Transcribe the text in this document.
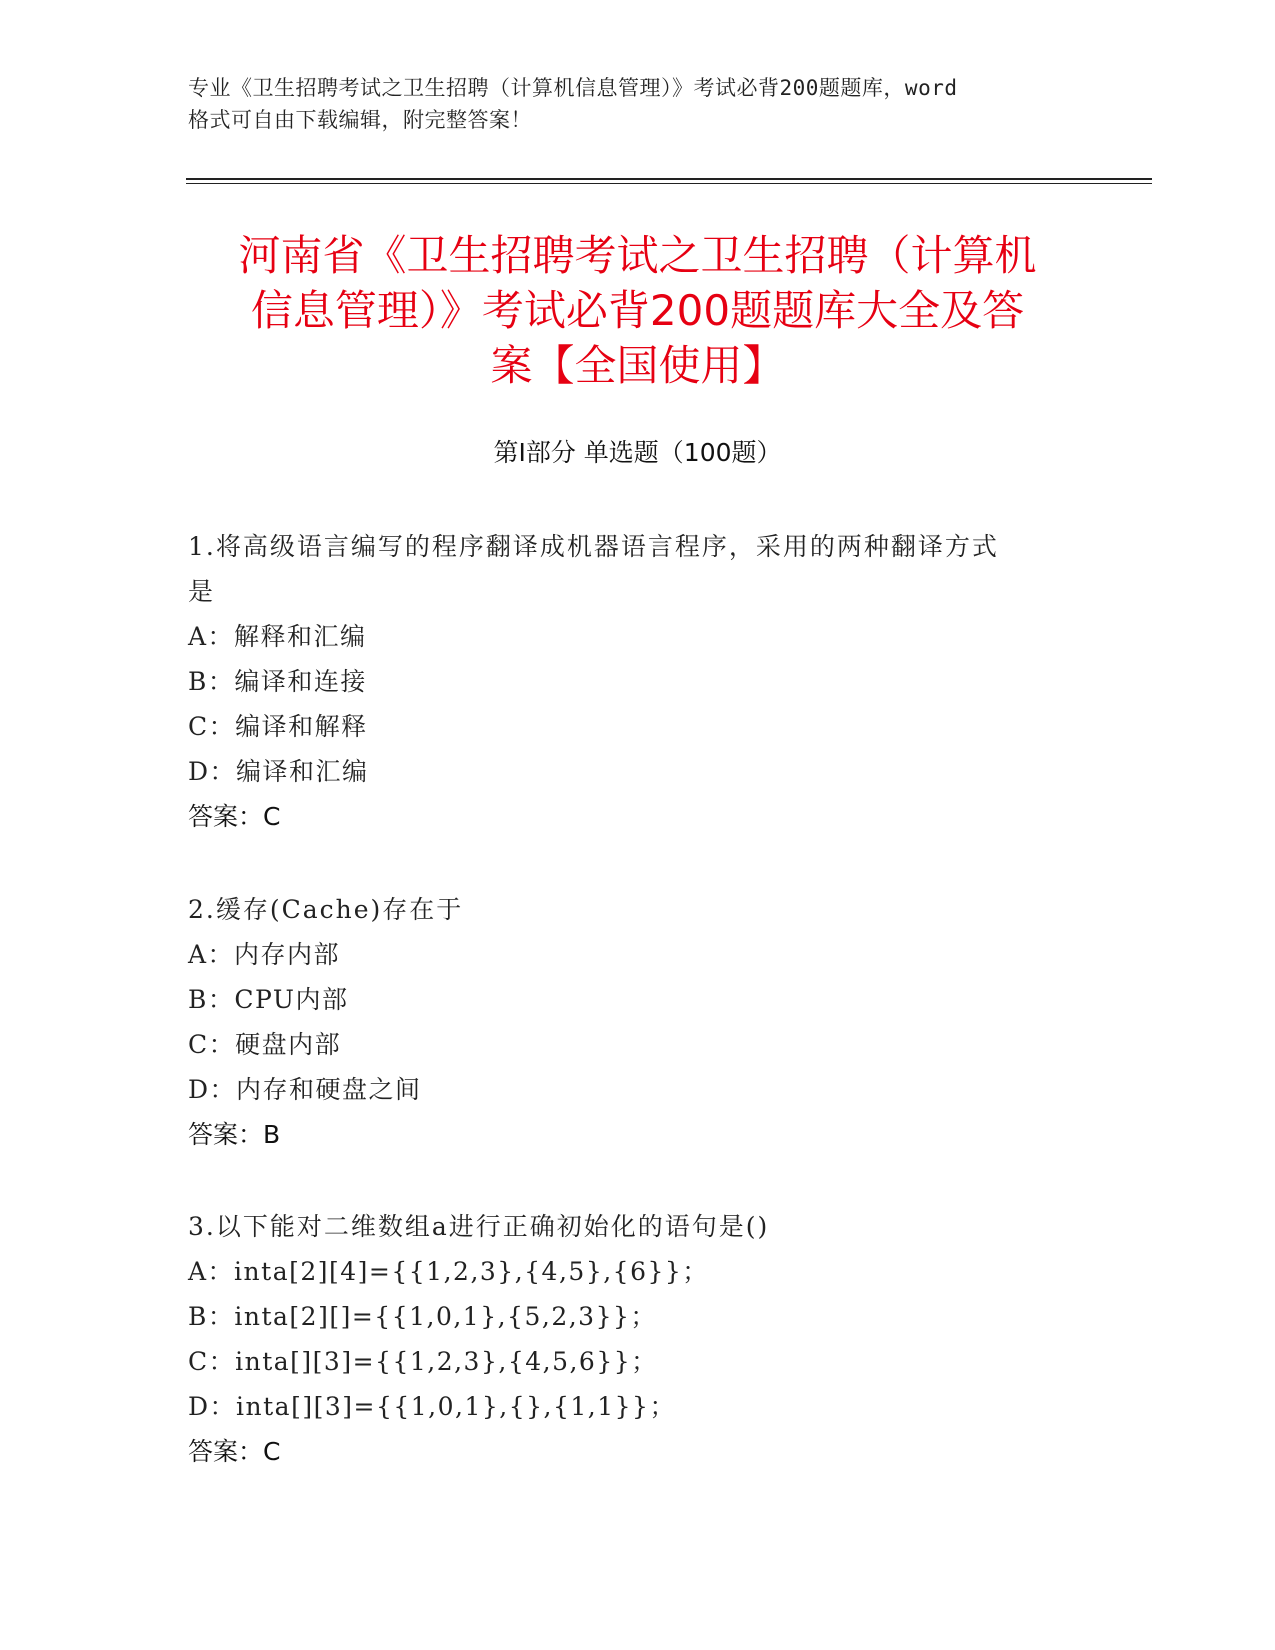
专业《卫生招聘考试之卫生招聘（计算机信息管理）》考试必背200题题库，word
格式可自由下载编辑，附完整答案！
河南省《卫生招聘考试之卫生招聘（计算机
信息管理）》考试必背200题题库大全及答
案【全国使用】
第Ⅰ部分 单选题（100题）
1.将高级语言编写的程序翻译成机器语言程序，采用的两种翻译方式
是
A：解释和汇编
B：编译和连接
C：编译和解释
D：编译和汇编
答案：C
2.缓存(Cache)存在于
A：内存内部
B：CPU内部
C：硬盘内部
D：内存和硬盘之间
答案：B
3.以下能对二维数组a进行正确初始化的语句是()
A：inta[2][4]={{1,2,3},{4,5},{6}}；
B：inta[2][]={{1,0,1},{5,2,3}}；
C：inta[][3]={{1,2,3},{4,5,6}}；
D：inta[][3]={{1,0,1},{},{1,1}}；
答案：C
